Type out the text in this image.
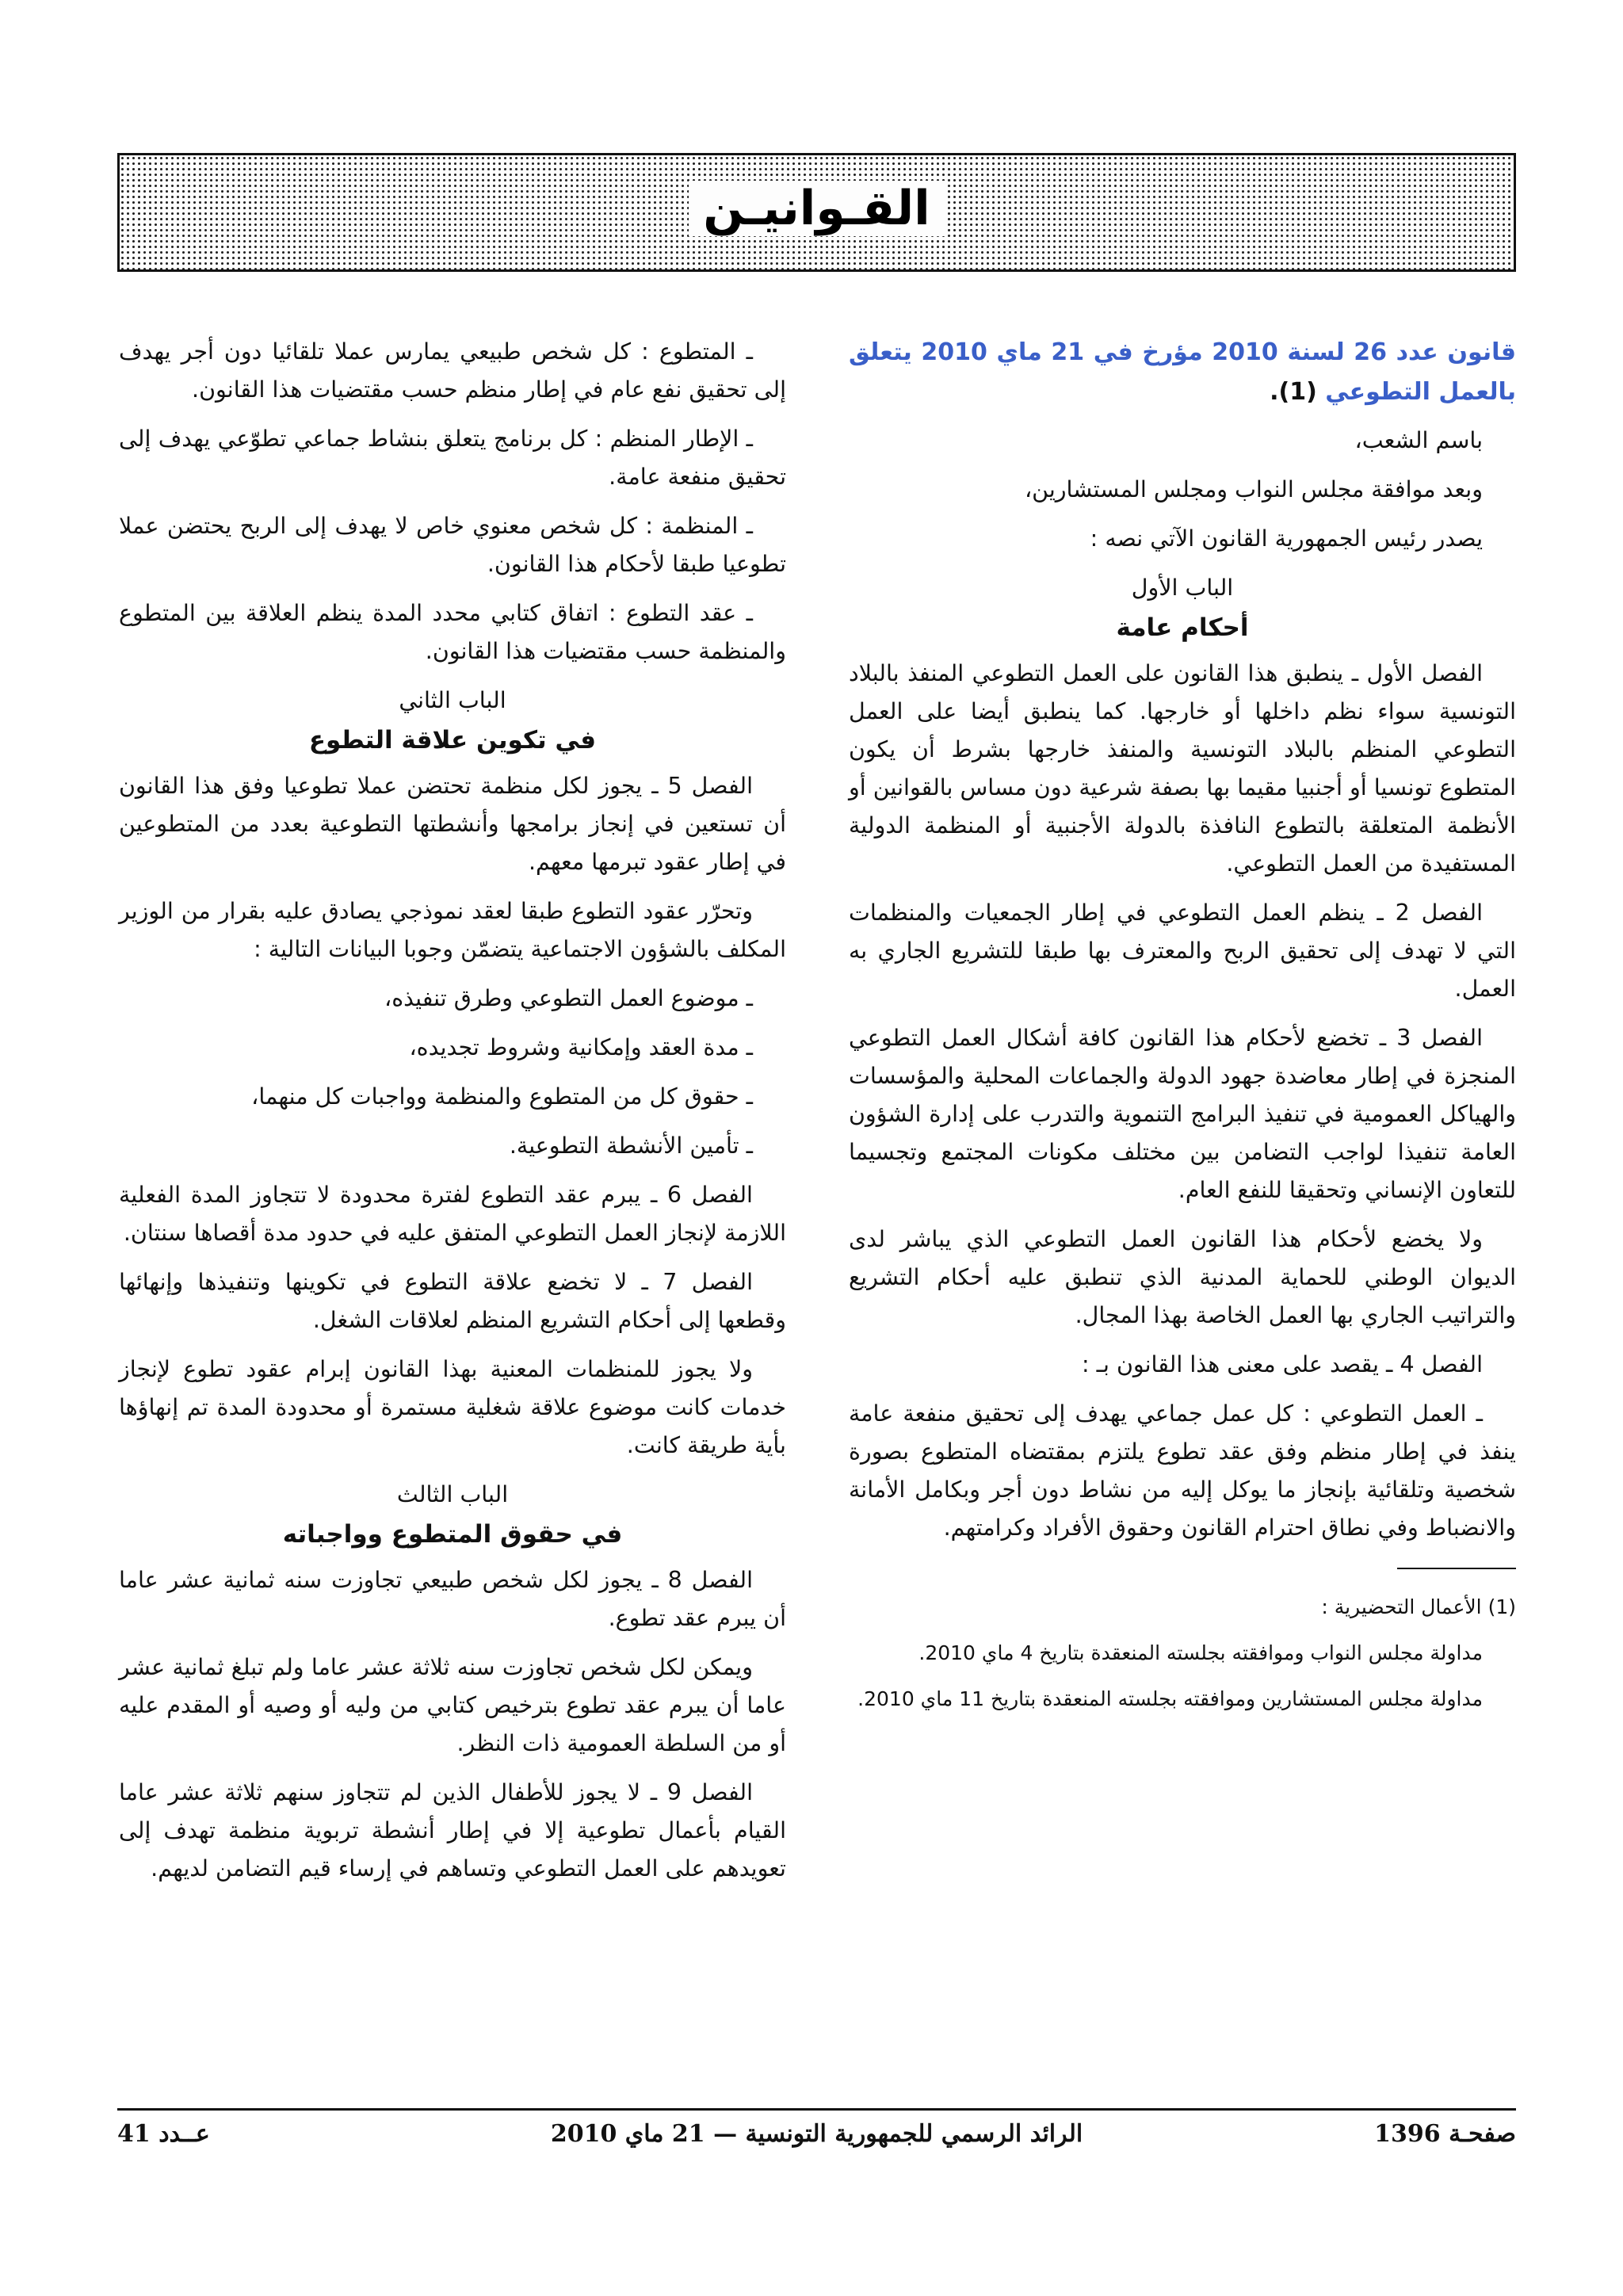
القـوانيـن

قانون عدد 26 لسنة 2010 مؤرخ في 21 ماي 2010 يتعلق بالعمل التطوعي (1).

باسم الشعب،

وبعد موافقة مجلس النواب ومجلس المستشارين،

يصدر رئيس الجمهورية القانون الآتي نصه :

الباب الأول

أحكام عامة

الفصل الأول ـ ينطبق هذا القانون على العمل التطوعي المنفذ بالبلاد التونسية سواء نظم داخلها أو خارجها. كما ينطبق أيضا على العمل التطوعي المنظم بالبلاد التونسية والمنفذ خارجها بشرط أن يكون المتطوع تونسيا أو أجنبيا مقيما بها بصفة شرعية دون مساس بالقوانين أو الأنظمة المتعلقة بالتطوع النافذة بالدولة الأجنبية أو المنظمة الدولية المستفيدة من العمل التطوعي.

الفصل 2 ـ ينظم العمل التطوعي في إطار الجمعيات والمنظمات التي لا تهدف إلى تحقيق الربح والمعترف بها طبقا للتشريع الجاري به العمل.

الفصل 3 ـ تخضع لأحكام هذا القانون كافة أشكال العمل التطوعي المنجزة في إطار معاضدة جهود الدولة والجماعات المحلية والمؤسسات والهياكل العمومية في تنفيذ البرامج التنموية والتدرب على إدارة الشؤون العامة تنفيذا لواجب التضامن بين مختلف مكونات المجتمع وتجسيما للتعاون الإنساني وتحقيقا للنفع العام.

ولا يخضع لأحكام هذا القانون العمل التطوعي الذي يباشر لدى الديوان الوطني للحماية المدنية الذي تنطبق عليه أحكام التشريع والتراتيب الجاري بها العمل الخاصة بهذا المجال.

الفصل 4 ـ يقصد على معنى هذا القانون بـ :

ـ العمل التطوعي : كل عمل جماعي يهدف إلى تحقيق منفعة عامة ينفذ في إطار منظم وفق عقد تطوع يلتزم بمقتضاه المتطوع بصورة شخصية وتلقائية بإنجاز ما يوكل إليه من نشاط دون أجر وبكامل الأمانة والانضباط وفي نطاق احترام القانون وحقوق الأفراد وكرامتهم.

(1) الأعمال التحضيرية :

مداولة مجلس النواب وموافقته بجلسته المنعقدة بتاريخ 4 ماي 2010.

مداولة مجلس المستشارين وموافقته بجلسته المنعقدة بتاريخ 11 ماي 2010.

ـ المتطوع : كل شخص طبيعي يمارس عملا تلقائيا دون أجر يهدف إلى تحقيق نفع عام في إطار منظم حسب مقتضيات هذا القانون.

ـ الإطار المنظم : كل برنامج يتعلق بنشاط جماعي تطوّعي يهدف إلى تحقيق منفعة عامة.

ـ المنظمة : كل شخص معنوي خاص لا يهدف إلى الربح يحتضن عملا تطوعيا طبقا لأحكام هذا القانون.

ـ عقد التطوع : اتفاق كتابي محدد المدة ينظم العلاقة بين المتطوع والمنظمة حسب مقتضيات هذا القانون.

الباب الثاني

في تكوين علاقة التطوع

الفصل 5 ـ يجوز لكل منظمة تحتضن عملا تطوعيا وفق هذا القانون أن تستعين في إنجاز برامجها وأنشطتها التطوعية بعدد من المتطوعين في إطار عقود تبرمها معهم.

وتحرّر عقود التطوع طبقا لعقد نموذجي يصادق عليه بقرار من الوزير المكلف بالشؤون الاجتماعية يتضمّن وجوبا البيانات التالية :

ـ موضوع العمل التطوعي وطرق تنفيذه،

ـ مدة العقد وإمكانية وشروط تجديده،

ـ حقوق كل من المتطوع والمنظمة وواجبات كل منهما،

ـ تأمين الأنشطة التطوعية.

الفصل 6 ـ يبرم عقد التطوع لفترة محدودة لا تتجاوز المدة الفعلية اللازمة لإنجاز العمل التطوعي المتفق عليه في حدود مدة أقصاها سنتان.

الفصل 7 ـ لا تخضع علاقة التطوع في تكوينها وتنفيذها وإنهائها وقطعها إلى أحكام التشريع المنظم لعلاقات الشغل.

ولا يجوز للمنظمات المعنية بهذا القانون إبرام عقود تطوع لإنجاز خدمات كانت موضوع علاقة شغلية مستمرة أو محدودة المدة تم إنهاؤها بأية طريقة كانت.

الباب الثالث

في حقوق المتطوع وواجباته

الفصل 8 ـ يجوز لكل شخص طبيعي تجاوزت سنه ثمانية عشر عاما أن يبرم عقد تطوع.

ويمكن لكل شخص تجاوزت سنه ثلاثة عشر عاما ولم تبلغ ثمانية عشر عاما أن يبرم عقد تطوع بترخيص كتابي من وليه أو وصيه أو المقدم عليه أو من السلطة العمومية ذات النظر.

الفصل 9 ـ لا يجوز للأطفال الذين لم تتجاوز سنهم ثلاثة عشر عاما القيام بأعمال تطوعية إلا في إطار أنشطة تربوية منظمة تهدف إلى تعويدهم على العمل التطوعي وتساهم في إرساء قيم التضامن لديهم.

صفحـة 1396
الرائد الرسمي للجمهورية التونسية — 21 ماي 2010
عــدد 41
